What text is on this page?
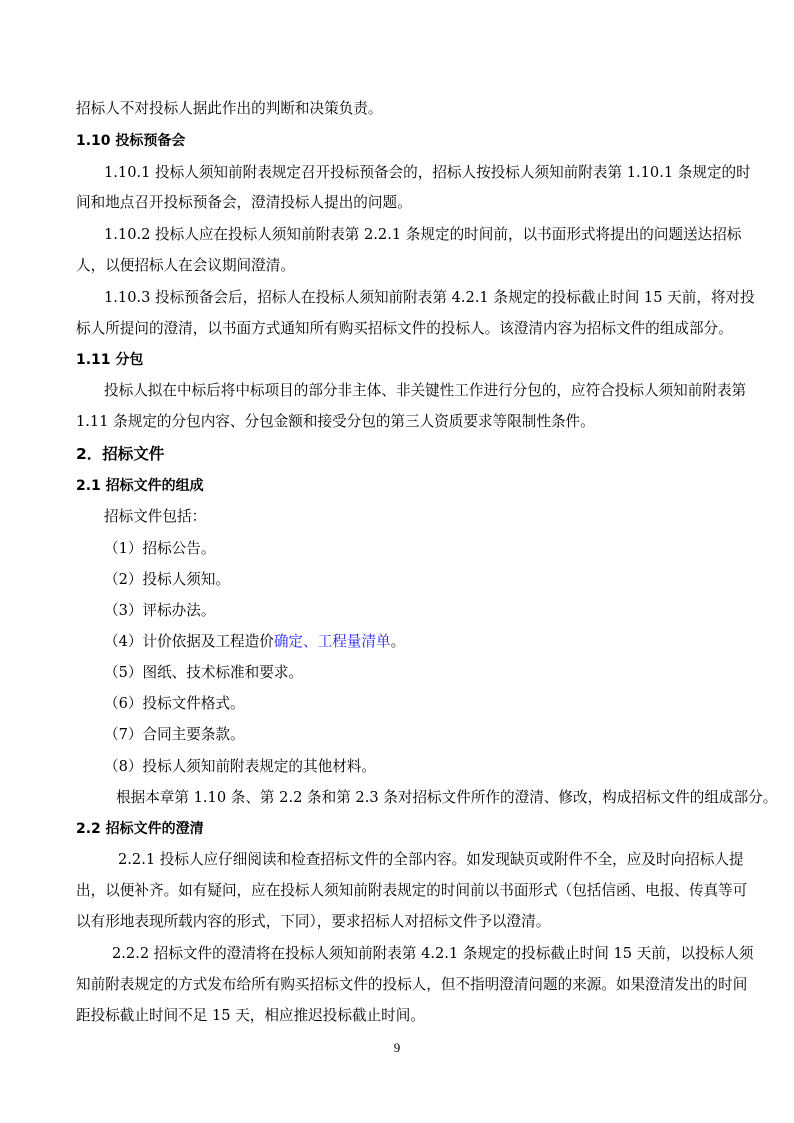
招标人不对投标人据此作出的判断和决策负责。
1.10 投标预备会
1.10.1 投标人须知前附表规定召开投标预备会的，招标人按投标人须知前附表第 1.10.1 条规定的时
间和地点召开投标预备会，澄清投标人提出的问题。
1.10.2 投标人应在投标人须知前附表第 2.2.1 条规定的时间前，以书面形式将提出的问题送达招标
人，以便招标人在会议期间澄清。
1.10.3 投标预备会后，招标人在投标人须知前附表第 4.2.1 条规定的投标截止时间 15 天前，将对投
标人所提问的澄清，以书面方式通知所有购买招标文件的投标人。该澄清内容为招标文件的组成部分。
1.11 分包
投标人拟在中标后将中标项目的部分非主体、非关键性工作进行分包的，应符合投标人须知前附表第
1.11 条规定的分包内容、分包金额和接受分包的第三人资质要求等限制性条件。
2．招标文件
2.1 招标文件的组成
招标文件包括：
（1）招标公告。
（2）投标人须知。
（3）评标办法。
（4）计价依据及工程造价确定、工程量清单。
（5）图纸、技术标准和要求。
（6）投标文件格式。
（7）合同主要条款。
（8）投标人须知前附表规定的其他材料。
根据本章第 1.10 条、第 2.2 条和第 2.3 条对招标文件所作的澄清、修改，构成招标文件的组成部分。
2.2 招标文件的澄清
2.2.1 投标人应仔细阅读和检查招标文件的全部内容。如发现缺页或附件不全，应及时向招标人提
出，以便补齐。如有疑问，应在投标人须知前附表规定的时间前以书面形式（包括信函、电报、传真等可
以有形地表现所载内容的形式，下同），要求招标人对招标文件予以澄清。
2.2.2 招标文件的澄清将在投标人须知前附表第 4.2.1 条规定的投标截止时间 15 天前，以投标人须
知前附表规定的方式发布给所有购买招标文件的投标人，但不指明澄清问题的来源。如果澄清发出的时间
距投标截止时间不足 15 天，相应推迟投标截止时间。
9
